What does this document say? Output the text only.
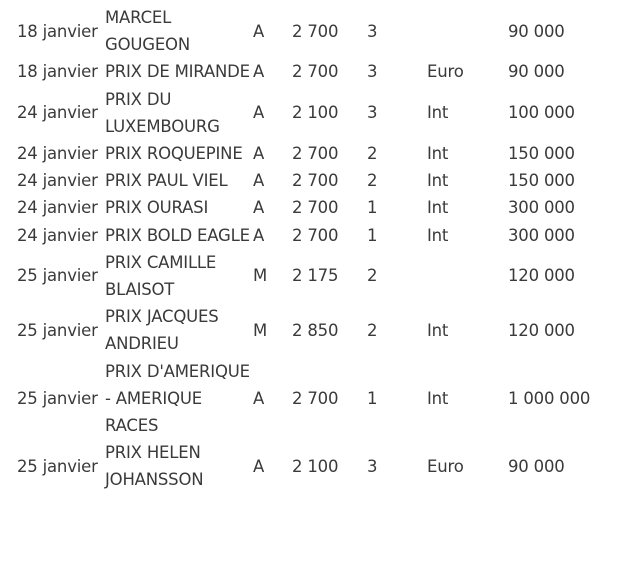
18 janvier	MARCEL GOUGEON	A	2 700	3		90 000
18 janvier	PRIX DE MIRANDE	A	2 700	3	Euro	90 000
24 janvier	PRIX DU LUXEMBOURG	A	2 100	3	Int	100 000
24 janvier	PRIX ROQUEPINE	A	2 700	2	Int	150 000
24 janvier	PRIX PAUL VIEL	A	2 700	2	Int	150 000
24 janvier	PRIX OURASI	A	2 700	1	Int	300 000
24 janvier	PRIX BOLD EAGLE	A	2 700	1	Int	300 000
25 janvier	PRIX CAMILLE BLAISOT	M	2 175	2		120 000
25 janvier	PRIX JACQUES ANDRIEU	M	2 850	2	Int	120 000
25 janvier	PRIX D'AMERIQUE - AMERIQUE RACES	A	2 700	1	Int	1 000 000
25 janvier	PRIX HELEN JOHANSSON	A	2 100	3	Euro	90 000
